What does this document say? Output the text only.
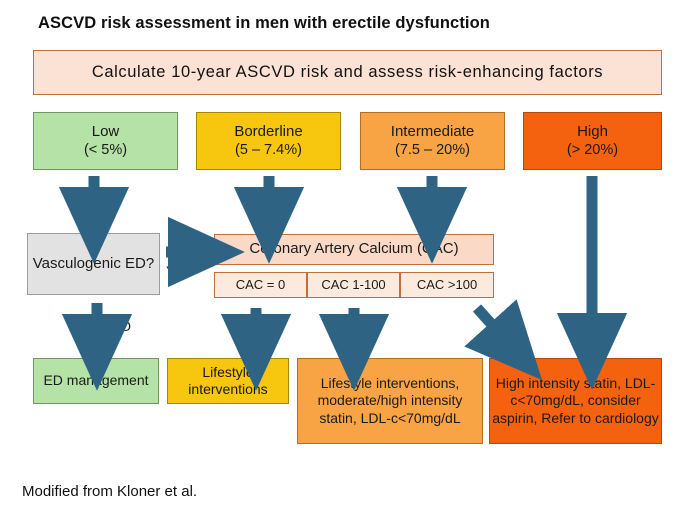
ASCVD risk assessment in men with erectile dysfunction
Calculate 10-year ASCVD risk and assess risk-enhancing factors
Low
(< 5%)
Borderline
(5 – 7.4%)
Intermediate
(7.5 – 20%)
High
(> 20%)
Vasculogenic ED?
Coronary Artery Calcium (CAC)
CAC = 0	CAC 1-100 CAC >100
YES
NO
ED management
Lifestyle interventions	Lifestyle interventions, moderate/high intensity statin, LDL-c<70mg/dL
High intensity statin, LDL-c<70mg/dL, consider aspirin, Refer to cardiology
Modified from Kloner et al.
